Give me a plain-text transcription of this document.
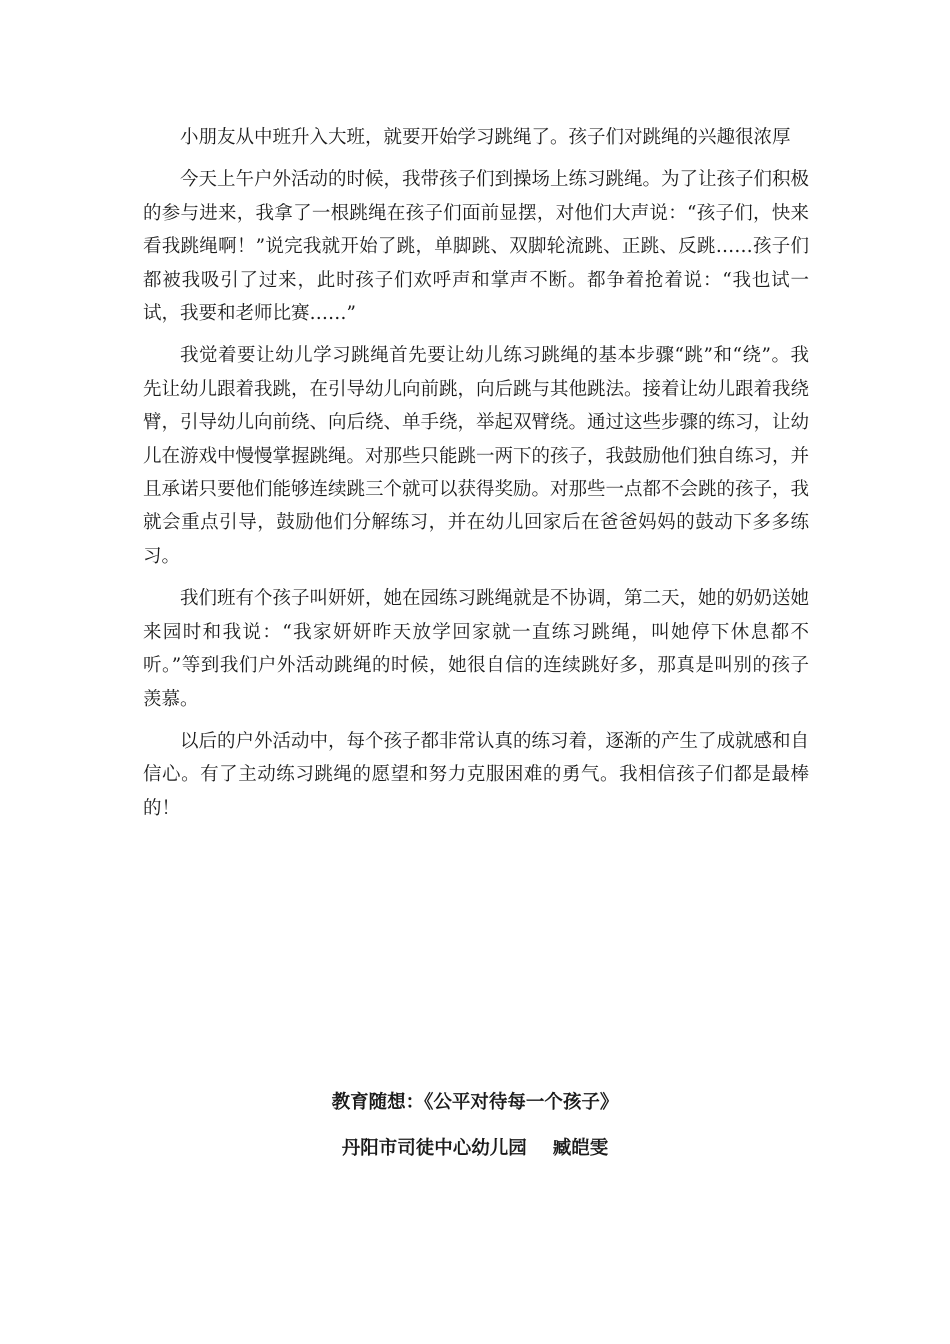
小朋友从中班升入大班，就要开始学习跳绳了。孩子们对跳绳的兴趣很浓厚

今天上午户外活动的时候，我带孩子们到操场上练习跳绳。为了让孩子们积极的参与进来，我拿了一根跳绳在孩子们面前显摆，对他们大声说：“孩子们，快来看我跳绳啊！”说完我就开始了跳，单脚跳、双脚轮流跳、正跳、反跳……孩子们都被我吸引了过来，此时孩子们欢呼声和掌声不断。都争着抢着说：“我也试一试，我要和老师比赛……”

我觉着要让幼儿学习跳绳首先要让幼儿练习跳绳的基本步骤“跳”和“绕”。我先让幼儿跟着我跳，在引导幼儿向前跳，向后跳与其他跳法。接着让幼儿跟着我绕臂，引导幼儿向前绕、向后绕、单手绕，举起双臂绕。通过这些步骤的练习，让幼儿在游戏中慢慢掌握跳绳。对那些只能跳一两下的孩子，我鼓励他们独自练习，并且承诺只要他们能够连续跳三个就可以获得奖励。对那些一点都不会跳的孩子，我就会重点引导，鼓励他们分解练习，并在幼儿回家后在爸爸妈妈的鼓动下多多练习。

我们班有个孩子叫妍妍，她在园练习跳绳就是不协调，第二天，她的奶奶送她来园时和我说：“我家妍妍昨天放学回家就一直练习跳绳，叫她停下休息都不听。”等到我们户外活动跳绳的时候，她很自信的连续跳好多，那真是叫别的孩子羡慕。

以后的户外活动中，每个孩子都非常认真的练习着，逐渐的产生了成就感和自信心。有了主动练习跳绳的愿望和努力克服困难的勇气。我相信孩子们都是最棒的！

教育随想：《公平对待每一个孩子》

丹阳市司徒中心幼儿园 臧皑雯
